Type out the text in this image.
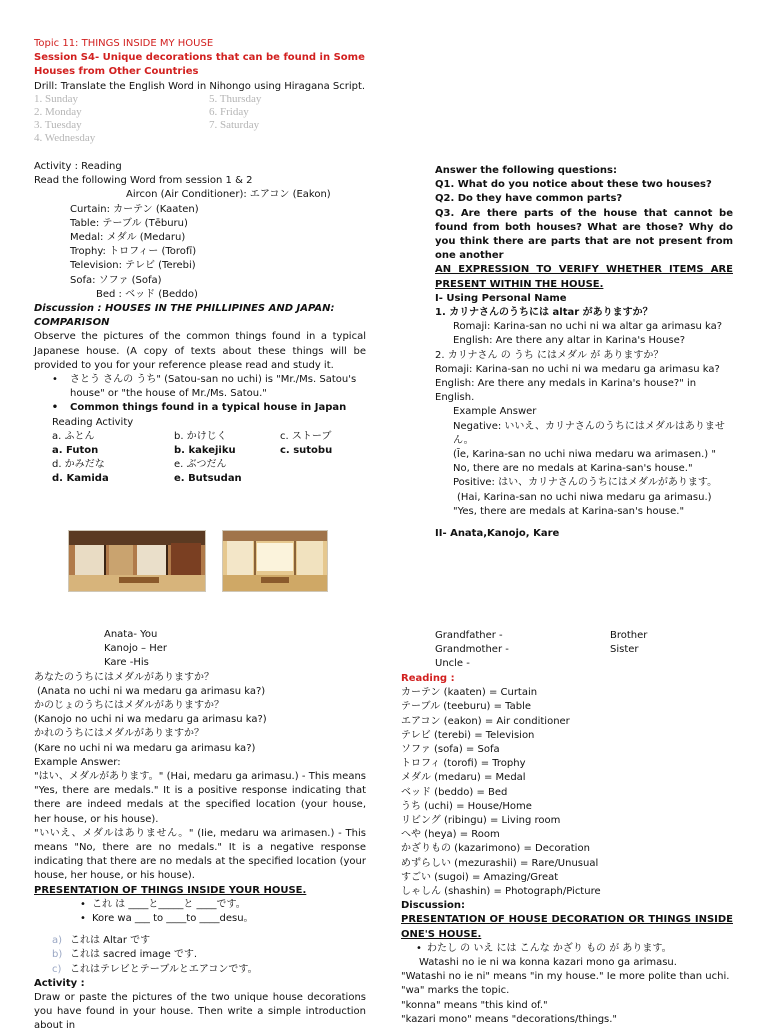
Topic 11: THINGS INSIDE MY HOUSE

Session S4- Unique decorations that can be found in Some Houses from Other Countries

Drill: Translate the English Word in Nihongo using Hiragana Script.

1. Sunday
2. Monday
3. Tuesday
4. Wednesday
5. Thursday
6. Friday
7. Saturday

Activity : Reading

Read the following Word from session 1 & 2

Aircon (Air Conditioner): エアコン (Eakon)

Curtain: カーテン (Kaaten)

Table: テーブル (Tēburu)

Medal: メダル (Medaru)

Trophy: トロフィー (Torofī)

Television: テレビ (Terebi)

Sofa: ソファ (Sofa)

Bed : ベッド (Beddo)

Discussion : HOUSES IN THE PHILLIPINES AND JAPAN: COMPARISON

Observe the pictures of the common things found in a typical Japanese house. (A copy of texts about these things will be provided to you for your reference please read and study it.

•	さとう さんの うち" (Satou-san no uchi) is "Mr./Ms. Satou's house" or "the house of Mr./Ms. Satou."
•	Common things found in a typical house in Japan

Reading Activity

a. ふとん	b. かけじく	c. ストーブ
a. Futon	b. kakejiku	c. sutobu
d. かみだな	e. ぶつだん
d. Kamida	e. Butsudan

Anata- You

Kanojo – Her

Kare -His

あなたのうちにはメダルがありますか？

(Anata no uchi ni wa medaru ga arimasu ka?)

かのじょのうちにはメダルがありますか？

(Kanojo no uchi ni wa medaru ga arimasu ka?)

かれのうちにはメダルがありますか？

(Kare no uchi ni wa medaru ga arimasu ka?)

Example Answer:

"はい、メダルがあります。" (Hai, medaru ga arimasu.) - This means "Yes, there are medals." It is a positive response indicating that there are indeed medals at the specified location (your house, her house, or his house).

"いいえ、メダルはありません。" (Iie, medaru wa arimasen.) - This means "No, there are no medals." It is a negative response indicating that there are no medals at the specified location (your house, her house, or his house).

PRESENTATION OF THINGS INSIDE YOUR HOUSE.

• これ は ____と_____と ____です。
• Kore wa ___ to ____to ____desu。
a) これは Altar です
b) これは sacred image です.
c) これはテレビとテーブルとエアコンです。

Activity :

Draw or paste the pictures of the two unique house decorations you have found in your house. Then write a simple introduction about in

Answer the following questions:

Q1. What do you notice about these two houses?

Q2. Do they have common parts?

Q3. Are there parts of the house that cannot be found from both houses? What are those? Why do you think there are parts that are not present from one another

AN EXPRESSION TO VERIFY WHETHER ITEMS ARE PRESENT WITHIN THE HOUSE.

I- Using Personal Name

1. カリナさんのうちには altar がありますか？

Romaji: Karina-san no uchi ni wa altar ga arimasu ka?

English: Are there any altar in Karina's House?

2. カリナさん の うち にはメダル が ありますか？

Romaji: Karina-san no uchi ni wa medaru ga arimasu ka?

English: Are there any medals in Karina's house?" in English.

Example Answer

Negative: いいえ、カリナさんのうちにはメダルはありません。

(Īe, Karina-san no uchi niwa medaru wa arimasen.) "

No, there are no medals at Karina-san's house."

Positive: はい、カリナさんのうちにはメダルがあります。

(Hai, Karina-san no uchi niwa medaru ga arimasu.)

"Yes, there are medals at Karina-san's house."

II- Anata,Kanojo, Kare

Grandfather -

Grandmother -

Uncle -

Brother

Sister

Reading :

カーテン (kaaten) = Curtain

テーブル (teeburu) = Table

エアコン (eakon) = Air conditioner

テレビ (terebi) = Television

ソファ (sofa) = Sofa

トロフィ (torofi) = Trophy

メダル (medaru) = Medal

ベッド (beddo) = Bed

うち (uchi) = House/Home

リビング (ribingu) = Living room

へや (heya) = Room

かざりもの (kazarimono) = Decoration

めずらしい (mezurashii) = Rare/Unusual

すごい (sugoi) = Amazing/Great

しゃしん (shashin) = Photograph/Picture

Discussion:

PRESENTATION OF HOUSE DECORATION OR THINGS INSIDE ONE'S HOUSE.

• わたし の いえ には こんな かざり もの が あります。

Watashi no ie ni wa konna kazari mono ga arimasu.

"Watashi no ie ni" means "in my house." Ie more polite than uchi.

"wa" marks the topic.

"konna" means "this kind of."

"kazari mono" means "decorations/things."
